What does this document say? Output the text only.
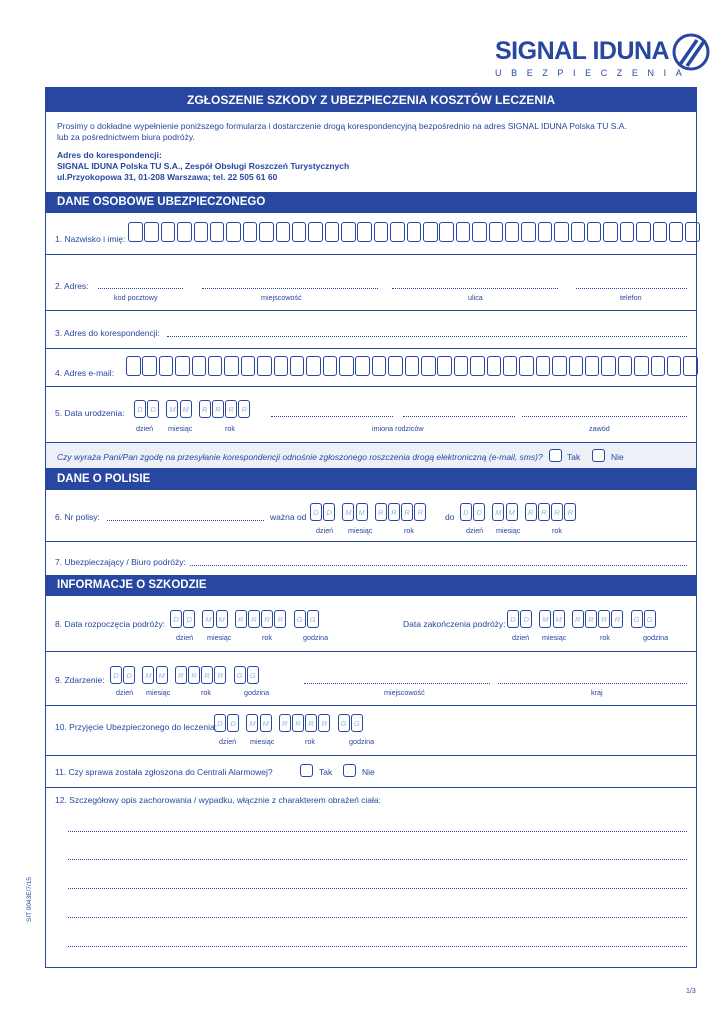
SIGNAL IDUNA
UBEZPIECZENIA
ZGŁOSZENIE SZKODY Z UBEZPIECZENIA KOSZTÓW LECZENIA
Prosimy o dokładne wypełnienie poniższego formularza i dostarczenie drogą korespondencyjną bezpośrednio na adres SIGNAL IDUNA Polska TU S.A.
lub za pośrednictwem biura podróży.
Adres do korespondencji:
SIGNAL IDUNA Polska TU S.A., Zespół Obsługi Roszczeń Turystycznych
ul.Przyokopowa 31, 01-208 Warszawa; tel. 22 505 61 60
DANE OSOBOWE UBEZPIECZONEGO
1. Nazwisko i imię:
2. Adres:
kod pocztowy	miejscowość	ulica	telefon
3. Adres do korespondencji:
4. Adres e-mail:
5. Data urodzenia:	D	D	M M	R	R	R	R
dzień miesiąc	rok	imiona rodziców	zawód
Czy wyraża Pani/Pan zgodę na przesyłanie korespondencji odnośnie zgłoszonego roszczenia drogą elektroniczną (e-mail, sms)?	Tak	Nie
DANE O POLISIE
6. Nr polisy:	ważna od D	D	M M	R	R	R	R
dzień miesiąc	rok
do	D	D	M M	R	R	R	R
dzień miesiąc	rok
7. Ubezpieczający / Biuro podróży:
INFORMACJE O SZKODZIE
8. Data rozpoczęcia podróży:	D	D	M M	R	R	R	R	G G
dzień miesiąc	rok	godzina
Data zakończenia podróży: D	D	M M	R	R	R	R	G G
dzień miesiąc	rok	godzina
9. Zdarzenie:	D	D	M M	R	R	R	R	G G
dzień miesiąc	rok	godzina	miejscowość	kraj
10. Przyjęcie Ubezpieczonego do leczenia: D	D	M M	R	R	R	R	G G
dzień miesiąc	rok	godzina
11. Czy sprawa została zgłoszona do Centrali Alarmowej?	Tak	Nie
12. Szczegółowy opis zachorowania / wypadku, włącznie z charakterem obrażeń ciała:
SIT 0043E/7/15
1/3
